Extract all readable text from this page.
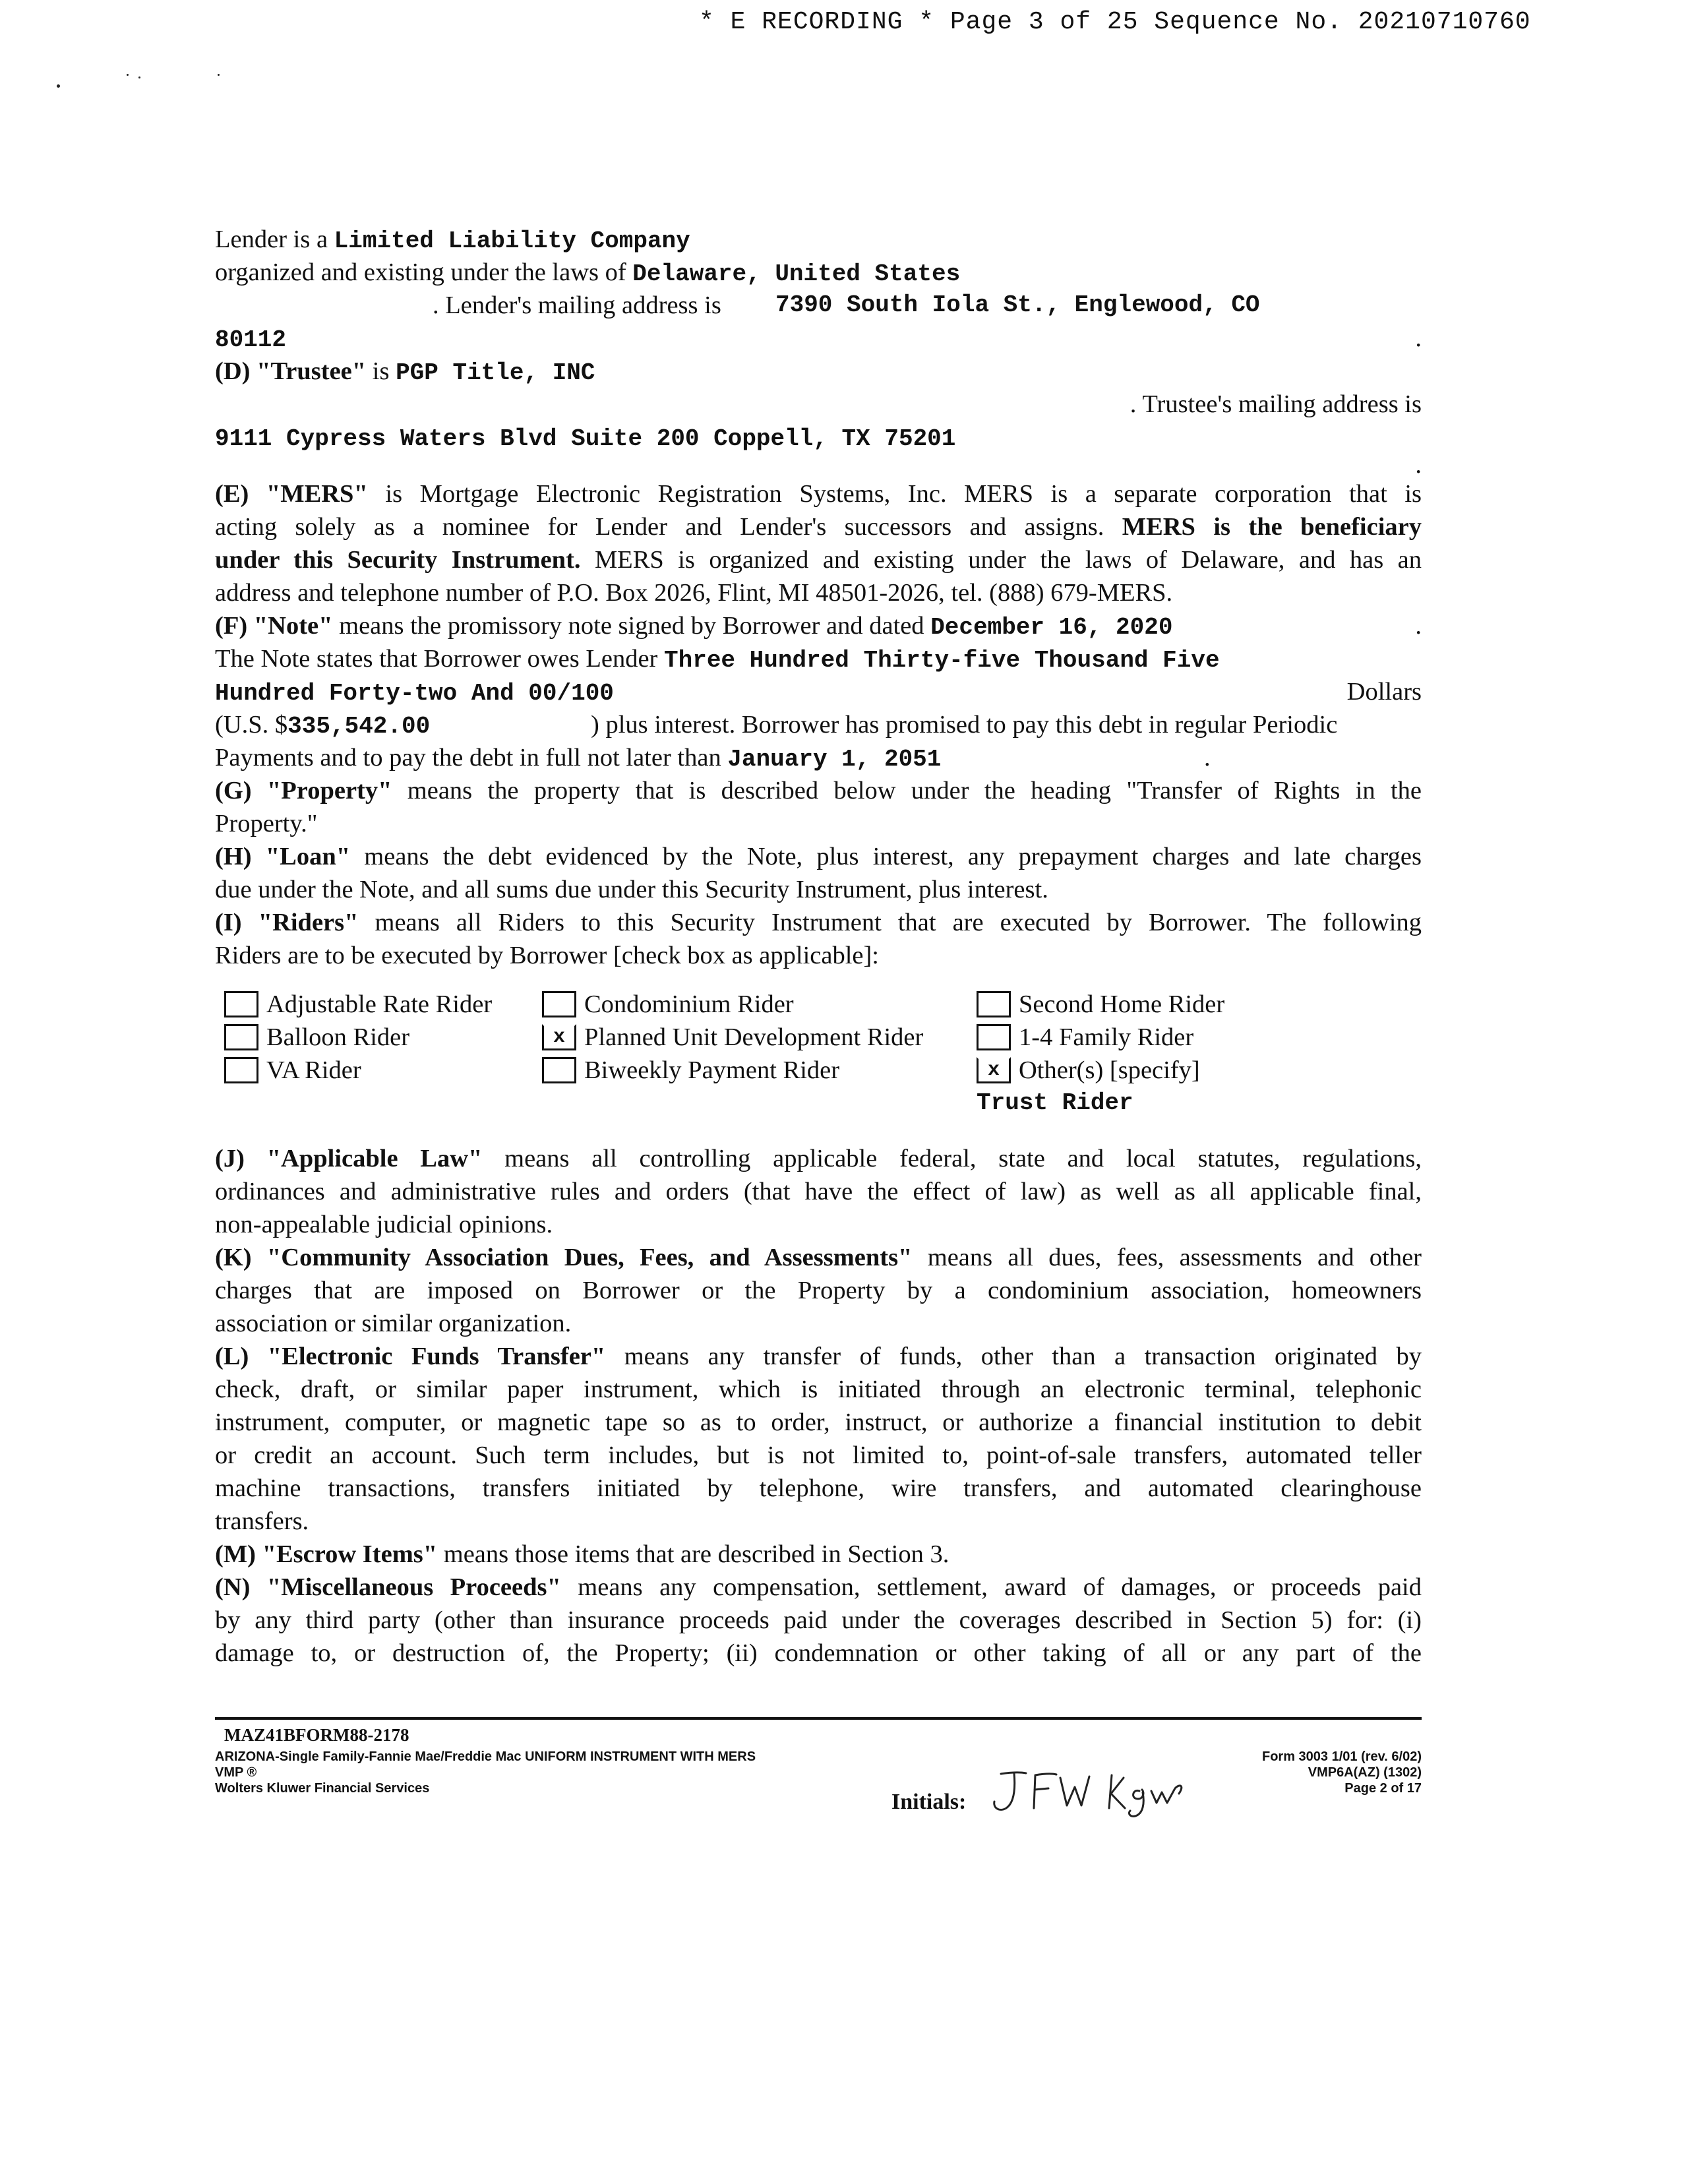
* E RECORDING * Page 3 of 25 Sequence No. 20210710760
Lender is a Limited Liability Company
organized and existing under the laws of Delaware, United States
. Lender's mailing address is 7390 South Iola St., Englewood, CO
80112	.
(D) "Trustee" is PGP Title, INC
. Trustee's mailing address is
9111 Cypress Waters Blvd Suite 200 Coppell, TX 75201
.
(E) "MERS" is Mortgage Electronic Registration Systems, Inc. MERS is a separate corporation that is
acting solely as a nominee for Lender and Lender's successors and assigns. MERS is the beneficiary
under this Security Instrument. MERS is organized and existing under the laws of Delaware, and has an
address and telephone number of P.O. Box 2026, Flint, MI 48501-2026, tel. (888) 679-MERS.
(F) "Note" means the promissory note signed by Borrower and dated December 16, 2020	.
The Note states that Borrower owes Lender Three Hundred Thirty-five Thousand Five
Hundred Forty-two And 00/100	Dollars
(U.S. $335,542.00	) plus interest. Borrower has promised to pay this debt in regular Periodic
Payments and to pay the debt in full not later than January 1, 2051	.
(G) "Property" means the property that is described below under the heading "Transfer of Rights in the
Property."
(H) "Loan" means the debt evidenced by the Note, plus interest, any prepayment charges and late charges
due under the Note, and all sums due under this Security Instrument, plus interest.
(I) "Riders" means all Riders to this Security Instrument that are executed by Borrower. The following
Riders are to be executed by Borrower [check box as applicable]:
Adjustable Rate Rider	Condominium Rider	Second Home Rider
Balloon Rider	x Planned Unit Development Rider	1-4 Family Rider
VA Rider	Biweekly Payment Rider	x Other(s) [specify]
Trust Rider
(J) "Applicable Law" means all controlling applicable federal, state and local statutes, regulations,
ordinances and administrative rules and orders (that have the effect of law) as well as all applicable final,
non-appealable judicial opinions.
(K) "Community Association Dues, Fees, and Assessments" means all dues, fees, assessments and other
charges that are imposed on Borrower or the Property by a condominium association, homeowners
association or similar organization.
(L) "Electronic Funds Transfer" means any transfer of funds, other than a transaction originated by
check, draft, or similar paper instrument, which is initiated through an electronic terminal, telephonic
instrument, computer, or magnetic tape so as to order, instruct, or authorize a financial institution to debit
or credit an account. Such term includes, but is not limited to, point-of-sale transfers, automated teller
machine transactions, transfers initiated by telephone, wire transfers, and automated clearinghouse
transfers.
(M) "Escrow Items" means those items that are described in Section 3.
(N) "Miscellaneous Proceeds" means any compensation, settlement, award of damages, or proceeds paid
by any third party (other than insurance proceeds paid under the coverages described in Section 5) for: (i)
damage to, or destruction of, the Property; (ii) condemnation or other taking of all or any part of the
MAZ41BFORM88-2178
ARIZONA-Single Family-Fannie Mae/Freddie Mac UNIFORM INSTRUMENT WITH MERS
VMP ®
Wolters Kluwer Financial Services
Form 3003 1/01 (rev. 6/02)
VMP6A(AZ) (1302)
Page 2 of 17
Initials:
